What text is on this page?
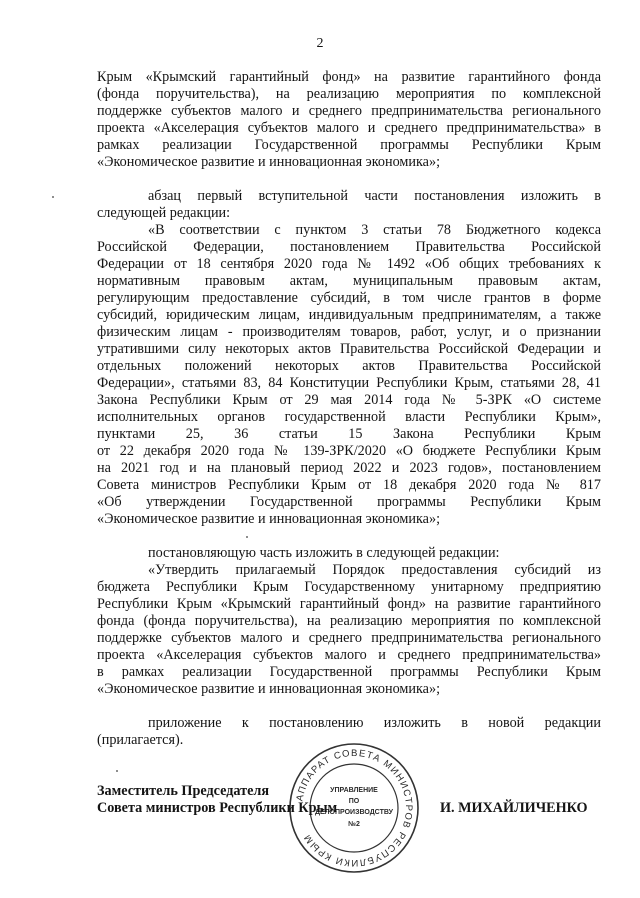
2
Крым «Крымский гарантийный фонд» на развитие гарантийного фонда
(фонда поручительства), на реализацию мероприятия по комплексной
поддержке субъектов малого и среднего предпринимательства регионального
проекта «Акселерация субъектов малого и среднего предпринимательства» в
рамках реализации Государственной программы Республики Крым
«Экономическое развитие и инновационная экономика»;
абзац первый вступительной части постановления изложить в
следующей редакции:
«В соответствии с пунктом 3 статьи 78 Бюджетного кодекса
Российской Федерации, постановлением Правительства Российской
Федерации от 18 сентября 2020 года № 1492 «Об общих требованиях к
нормативным правовым актам, муниципальным правовым актам,
регулирующим предоставление субсидий, в том числе грантов в форме
субсидий, юридическим лицам, индивидуальным предпринимателям, а также
физическим лицам - производителям товаров, работ, услуг, и о признании
утратившими силу некоторых актов Правительства Российской Федерации и
отдельных положений некоторых актов Правительства Российской
Федерации», статьями 83, 84 Конституции Республики Крым, статьями 28, 41
Закона Республики Крым от 29 мая 2014 года № 5-ЗРК «О системе
исполнительных органов государственной власти Республики Крым»,
пунктами 25, 36 статьи 15 Закона Республики Крым
от 22 декабря 2020 года № 139-ЗРК/2020 «О бюджете Республики Крым
на 2021 год и на плановый период 2022 и 2023 годов», постановлением
Совета министров Республики Крым от 18 декабря 2020 года № 817
«Об утверждении Государственной программы Республики Крым
«Экономическое развитие и инновационная экономика»;
постановляющую часть изложить в следующей редакции:
«Утвердить прилагаемый Порядок предоставления субсидий из
бюджета Республики Крым Государственному унитарному предприятию
Республики Крым «Крымский гарантийный фонд» на развитие гарантийного
фонда (фонда поручительства), на реализацию мероприятия по комплексной
поддержке субъектов малого и среднего предпринимательства регионального
проекта «Акселерация субъектов малого и среднего предпринимательства»
в рамках реализации Государственной программы Республики Крым
«Экономическое развитие и инновационная экономика»;
приложение к постановлению изложить в новой редакции
(прилагается).
АППАРАТ СОВЕТА МИНИСТРОВ РЕСПУБЛИКИ КРЫМ
УПРАВЛЕНИЕ
ПО
ДЕЛОПРОИЗВОДСТВУ
№2
Заместитель Председателя
Совета министров Республики Крым	И. МИХАЙЛИЧЕНКО
